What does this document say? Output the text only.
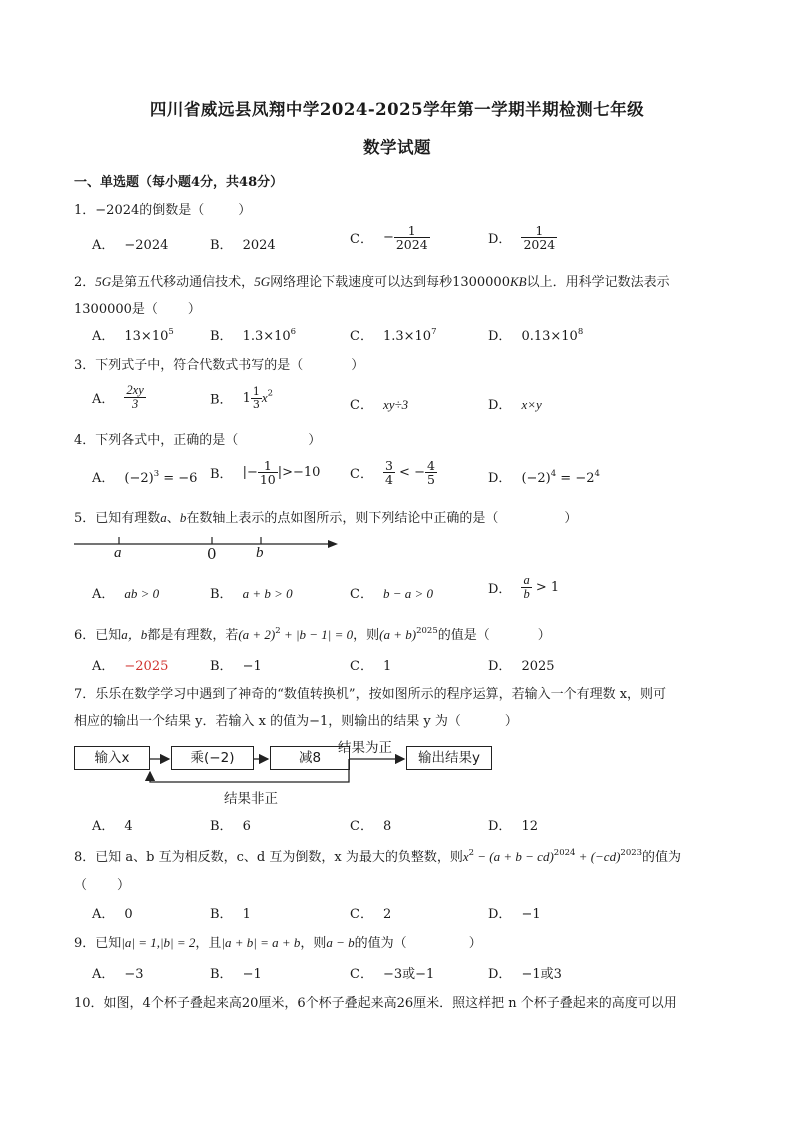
四川省威远县凤翔中学2024-2025学年第一学期半期检测七年级
数学试题
一、单选题（每小题4分，共48分）
1．−2024的倒数是（	）
A． −2024	B． 2024	C． − $\frac{1}{2024}$	D． $\frac{1}{2024}$
2．5G是第五代移动通信技术，5G网络理论下载速度可以达到每秒1300000KB以上．用科学记数法表示
1300000是（ ）
A． $13\times 10^5$	B． $1.3\times 10^6$	C． $1.3\times 10^7$	D． $0.13\times 10^8$
3．下列式子中，符合代数式书写的是（	）
A． $\frac{2xy}{3}$	B． $1 \frac{1}{3} x^2$
C． xy÷3	D． x×y
4．下列各式中，正确的是（	）
A． $(-2)^3 = -6$ B． |− $\frac{1}{10} |>-10$ C． $\frac{3}{4}$ < − $\frac{4}{5}$	D． $(-2)^4 = -2^4$
5．已知有理数a、b在数轴上表示的点如图所示，则下列结论中正确的是（	）
a	0	b
A． ab > 0	B． a + b > 0	C． b − a > 0	D． $\frac{a}{b} > 1$
6．已知a，b都是有理数，若$(a + 2)^2 + |b - 1| = 0$，则$(a + b)^{2025}$的值是（	）
A． −2025	B． −1	C． 1	D． 2025
7．乐乐在数学学习中遇到了神奇的“数值转换机”，按如图所示的程序运算，若输入一个有理数 x，则可
相应的输出一个结果 y．若输入 x 的值为−1，则输出的结果 y 为（	）
输入x	乘(−2)	减8	输出结果y
结果为正
结果非正
A． 4	B． 6	C． 8	D． 12
8．已知 a、b 互为相反数，c、d 互为倒数，x 为最大的负整数，则$x^2 - (a + b - cd)^{2024} + (-cd)^{2023}$的值为
（ ）
A． 0	B． 1	C． 2	D． −1
9．已知|a| = 1,|b| = 2，且|a + b| = a + b，则a − b的值为（	）
A． −3	B． −1	C． −3或−1	D． −1或3
10．如图，4个杯子叠起来高20厘米，6个杯子叠起来高26厘米．照这样把 n 个杯子叠起来的高度可以用
